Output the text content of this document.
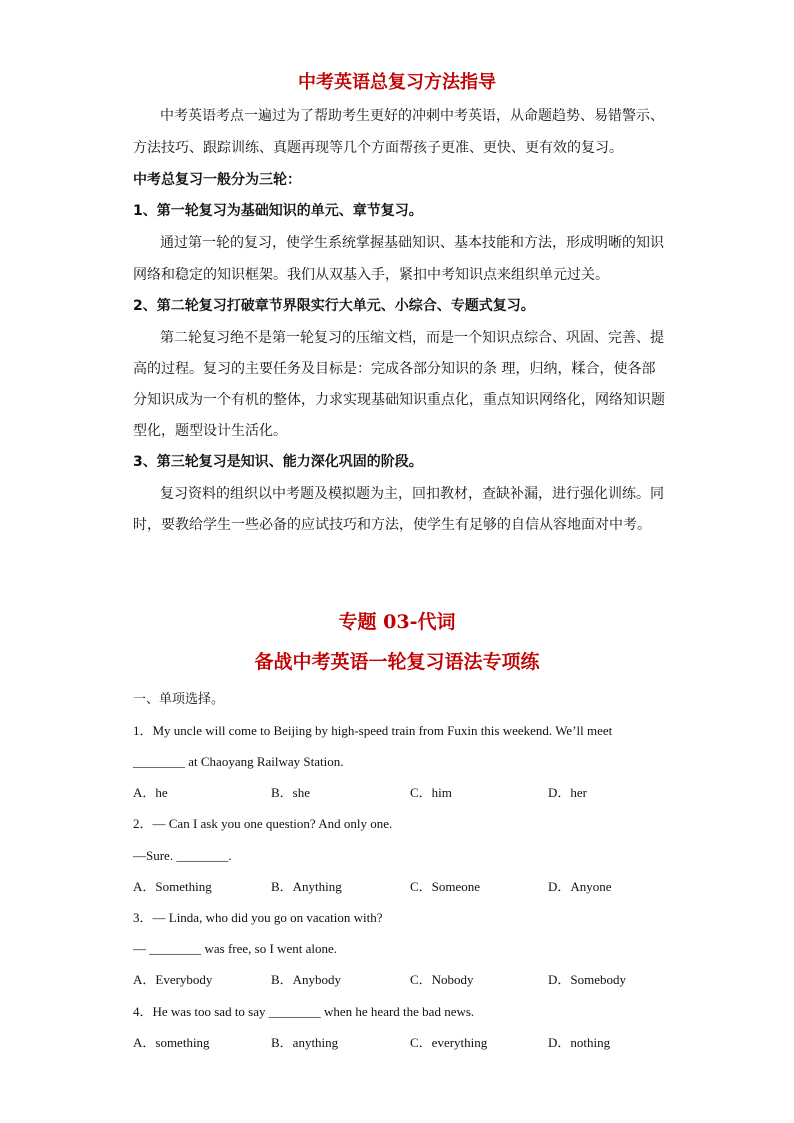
中考英语总复习方法指导
中考英语考点一遍过为了帮助考生更好的冲刺中考英语，从命题趋势、易错警示、
方法技巧、跟踪训练、真题再现等几个方面帮孩子更准、更快、更有效的复习。
中考总复习一般分为三轮：
1、第一轮复习为基础知识的单元、章节复习。
通过第一轮的复习，使学生系统掌握基础知识、基本技能和方法，形成明晰的知识
网络和稳定的知识框架。我们从双基入手，紧扣中考知识点来组织单元过关。
2、第二轮复习打破章节界限实行大单元、小综合、专题式复习。
第二轮复习绝不是第一轮复习的压缩文档，而是一个知识点综合、巩固、完善、提
高的过程。复习的主要任务及目标是：完成各部分知识的条 理，归纳，糅合，使各部
分知识成为一个有机的整体，力求实现基础知识重点化，重点知识网络化，网络知识题
型化，题型设计生活化。
3、第三轮复习是知识、能力深化巩固的阶段。
复习资料的组织以中考题及模拟题为主，回扣教材，查缺补漏，进行强化训练。同
时，要教给学生一些必备的应试技巧和方法，使学生有足够的自信从容地面对中考。
专题 03-代词
备战中考英语一轮复习语法专项练
一、单项选择。
1．My uncle will come to Beijing by high-speed train from Fuxin this weekend. We’ll meet
________ at Chaoyang Railway Station.
A．he	B．she	C．him	D．her
2．— Can I ask you one question? And only one.
—Sure. ________.
A．Something	B．Anything	C．Someone	D．Anyone
3．— Linda, who did you go on vacation with?
— ________ was free, so I went alone.
A．Everybody	B．Anybody	C．Nobody	D．Somebody
4．He was too sad to say ________ when he heard the bad news.
A．something	B．anything	C．everything	D．nothing
